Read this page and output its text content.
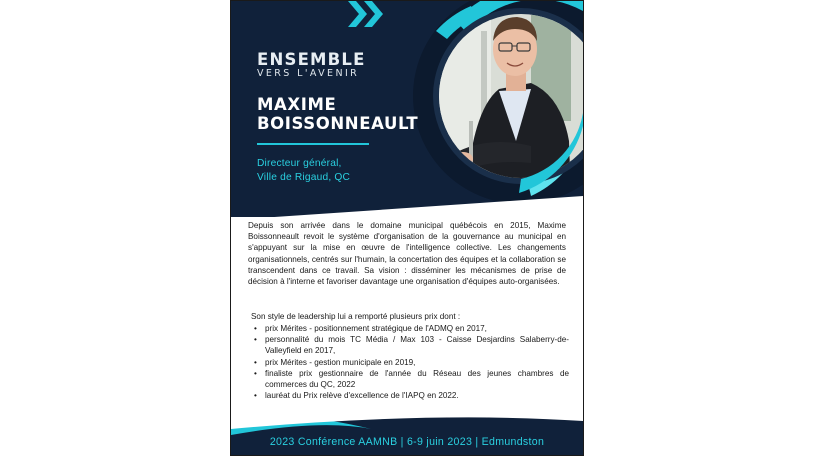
ENSEMBLE
VERS L'AVENIR
MAXIME
BOISSONNEAULT
Directeur général,
Ville de Rigaud, QC
Depuis son arrivée dans le domaine municipal québécois en 2015, Maxime Boissonneault revoit le système d'organisation de la gouvernance au municipal en s'appuyant sur la mise en œuvre de l'intelligence collective. Les changements organisationnels, centrés sur l'humain, la concertation des équipes et la collaboration se transcendent dans ce travail. Sa vision : disséminer les mécanismes de prise de décision à l'interne et favoriser davantage une organisation d'équipes auto-organisées.
Son style de leadership lui a remporté plusieurs prix dont :
• prix Mérites - positionnement stratégique de l'ADMQ en 2017,
• personnalité du mois TC Média / Max 103 - Caisse Desjardins Salaberry-de-Valleyfield en 2017,
• prix Mérites - gestion municipale en 2019,
• finaliste prix gestionnaire de l'année du Réseau des jeunes chambres de commerces du QC, 2022
• lauréat du Prix relève d'excellence de l'IAPQ en 2022.
2023 Conférence AAMNB | 6-9 juin 2023 | Edmundston
